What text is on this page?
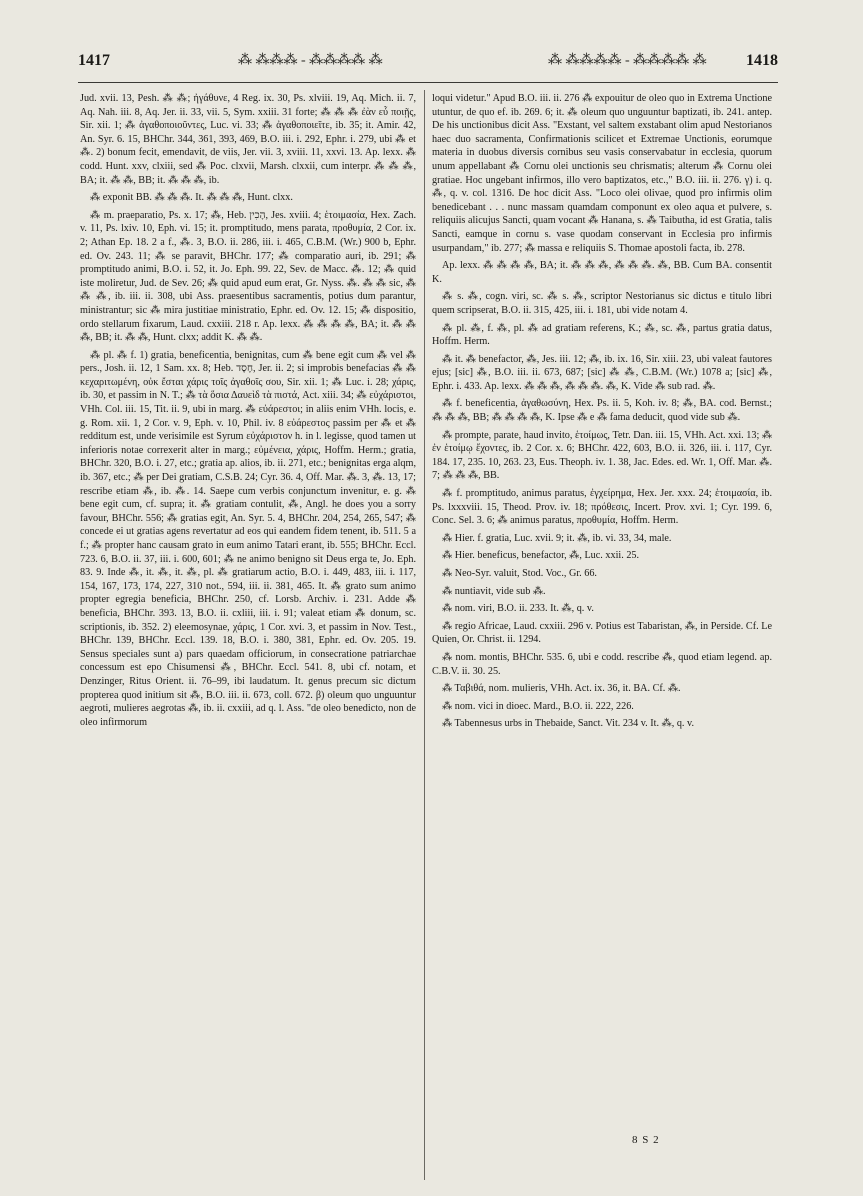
1417	⁂ ⁂⁂⁂ - ⁂⁂⁂⁂ ⁂	⁂ ⁂⁂⁂⁂ - ⁂⁂⁂⁂ ⁂ 1418

Jud. xvii. 13, Pesh. ⁂ ⁂; ἠγάθυνε, 4 Reg. ix. 30, Ps. xlviii. 19, Aq. Mich. ii. 7, Aq. Nah. iii. 8, Aq. Jer. ii. 33, vii. 5, Sym. xxiii. 31 forte; ⁂ ⁂ ⁂ ἐὰν εὖ ποιῇς, Sir. xii. 1; ⁂ ἀγαθοποιοῦντες, Luc. vi. 33; ⁂ ἀγαθοποιεῖτε, ib. 35; it. Amir. 42, An. Syr. 6. 15, BHChr. 344, 361, 393, 469, B.O. iii. i. 292, Ephr. i. 279, ubi ⁂ et ⁂. 2) bonum fecit, emendavit, de viis, Jer. vii. 3, xviii. 11, xxvi. 13. Ap. lexx. ⁂ codd. Hunt. xxv, clxiii, sed ⁂ Poc. clxvii, Marsh. clxxii, cum interpr. ⁂ ⁂ ⁂, BA; it. ⁂ ⁂, BB; it. ⁂ ⁂ ⁂, ib.

⁂ exponit BB. ⁂ ⁂ ⁂. It. ⁂ ⁂ ⁂, Hunt. clxx.

⁂ m. praeparatio, Ps. x. 17; ⁂, Heb. הָכִין, Jes. xviii. 4; ἑτοιμασία, Hex. Zach. v. 11, Ps. lxiv. 10, Eph. vi. 15; it. promptitudo, mens parata, προθυμία, 2 Cor. ix. 2; Athan Ep. 18. 2 a f., ⁂. 3, B.O. ii. 286, iii. i. 465, C.B.M. (Wr.) 900 b, Ephr. ed. Ov. 243. 11; ⁂ se paravit, BHChr. 177; ⁂ comparatio auri, ib. 291; ⁂ promptitudo animi, B.O. i. 52, it. Jo. Eph. 99. 22, Sev. de Macc. ⁂. 12; ⁂ quid iste moliretur, Jud. de Sev. 26; ⁂ quid apud eum erat, Gr. Nyss. ⁂. ⁂ ⁂ sic, ⁂ ⁂ ⁂, ib. iii. ii. 308, ubi Ass. praesentibus sacramentis, potius dum parantur, ministrantur; sic ⁂ mira justitiae ministratio, Ephr. ed. Ov. 12. 15; ⁂ dispositio, ordo stellarum fixarum, Laud. cxxiii. 218 r. Ap. lexx. ⁂ ⁂ ⁂ ⁂, BA; it. ⁂ ⁂ ⁂, BB; it. ⁂ ⁂, Hunt. clxx; addit K. ⁂ ⁂.

⁂ pl. ⁂ f. 1) gratia, beneficentia, benignitas, cum ⁂ bene egit cum ⁂ vel ⁂ pers., Josh. ii. 12, 1 Sam. xx. 8; Heb. חֶסֶד, Jer. ii. 2; si improbis benefacias ⁂ ⁂ κεχαριτωμένη, οὐκ ἔσται χάρις τοῖς ἀγαθοῖς σου, Sir. xii. 1; ⁂ Luc. i. 28; χάρις, ib. 30, et passim in N. T.; ⁂ τὰ ὅσια Δαυεὶδ τὰ πιστά, Act. xiii. 34; ⁂ εὐχάριστοι, VHh. Col. iii. 15, Tit. ii. 9, ubi in marg. ⁂ εὐάρεστοι; in aliis enim VHh. locis, e. g. Rom. xii. 1, 2 Cor. v. 9, Eph. v. 10, Phil. iv. 8 εὐάρεστος passim per ⁂ et ⁂ redditum est, unde verisimile est Syrum εὐχάριστον h. in l. legisse, quod tamen ut inferioris notae correxerit alter in marg.; εὐμένεια, χάρις, Hoffm. Herm.; gratia, BHChr. 320, B.O. i. 27, etc.; gratia ap. alios, ib. ii. 271, etc.; benignitas erga alqm, ib. 367, etc.; ⁂ per Dei gratiam, C.S.B. 24; Cyr. 36. 4, Off. Mar. ⁂. 3, ⁂. 13, 17; rescribe etiam ⁂, ib. ⁂. 14. Saepe cum verbis conjunctum invenitur, e. g. ⁂ bene egit cum, cf. supra; it. ⁂ gratiam contulit, ⁂, Angl. he does you a sorry favour, BHChr. 556; ⁂ gratias egit, An. Syr. 5. 4, BHChr. 204, 254, 265, 547; ⁂ concede ei ut gratias agens revertatur ad eos qui eandem fidem tenent, ib. 511. 5 a f.; ⁂ propter hanc causam grato in eum animo Tatari erant, ib. 555; BHChr. Eccl. 723. 6, B.O. ii. 37, iii. i. 600, 601; ⁂ ne animo benigno sit Deus erga te, Jo. Eph. 83. 9. Inde ⁂, it. ⁂, it. ⁂, pl. ⁂ gratiarum actio, B.O. i. 449, 483, iii. i. 117, 154, 167, 173, 174, 227, 310 not., 594, iii. ii. 381, 465. It. ⁂ grato sum animo propter egregia beneficia, BHChr. 250, cf. Lorsb. Archiv. i. 231. Adde ⁂ beneficia, BHChr. 393. 13, B.O. ii. cxliii, iii. i. 91; valeat etiam ⁂ donum, sc. scriptionis, ib. 352. 2) eleemosynae, χάρις, 1 Cor. xvi. 3, et passim in Nov. Test., BHChr. 139, BHChr. Eccl. 139. 18, B.O. i. 380, 381, Ephr. ed. Ov. 205. 19. Sensus speciales sunt a) pars quaedam officiorum, in consecratione patriarchae concessum est epo Chisumensi ⁂, BHChr. Eccl. 541. 8, ubi cf. notam, et Denzinger, Ritus Orient. ii. 76–99, ibi laudatum. It. genus precum sic dictum propterea quod initium sit ⁂, B.O. iii. ii. 673, coll. 672. β) oleum quo unguuntur aegroti, mulieres aegrotas ⁂, ib. ii. cxxiii, ad q. l. Ass. "de oleo benedicto, non de oleo infirmorum

loqui videtur." Apud B.O. iii. ii. 276 ⁂ expouitur de oleo quo in Extrema Unctione utuntur, de quo ef. ib. 269. 6; it. ⁂ oleum quo unguuntur baptizati, ib. 241. antep. De his unctionibus dicit Ass. "Exstant, vel saltem exstabant olim apud Nestorianos haec duo sacramenta, Confirmationis scilicet et Extremae Unctionis, eorumque materia in duobus diversis cornibus seu vasis conservabatur in ecclesia, quorum unum appellabant ⁂ Cornu olei unctionis seu chrismatis; alterum ⁂ Cornu olei gratiae. Hoc ungebant infirmos, illo vero baptizatos, etc.," B.O. iii. ii. 276. γ) i. q. ⁂, q. v. col. 1316. De hoc dicit Ass. "Loco olei olivae, quod pro infirmis olim benedicebant . . . nunc massam quamdam componunt ex oleo aqua et pulvere, s. reliquiis alicujus Sancti, quam vocant ⁂ Hanana, s. ⁂ Taibutha, id est Gratia, talis Sancti, eamque in cornu s. vase quodam conservant in Ecclesia pro infirmis usurpandam," ib. 277; ⁂ massa e reliquiis S. Thomae apostoli facta, ib. 278.

Ap. lexx. ⁂ ⁂ ⁂ ⁂, BA; it. ⁂ ⁂ ⁂, ⁂ ⁂ ⁂. ⁂, BB. Cum BA. consentit K.

⁂ s. ⁂, cogn. viri, sc. ⁂ s. ⁂, scriptor Nestorianus sic dictus e titulo libri quem scripserat, B.O. ii. 315, 425, iii. i. 181, ubi vide notam 4.

⁂ pl. ⁂, f. ⁂, pl. ⁂ ad gratiam referens, K.; ⁂, sc. ⁂, partus gratia datus, Hoffm. Herm.

⁂ it. ⁂ benefactor, ⁂, Jes. iii. 12; ⁂, ib. ix. 16, Sir. xiii. 23, ubi valeat fautores ejus; [sic] ⁂, B.O. iii. ii. 673, 687; [sic] ⁂ ⁂, C.B.M. (Wr.) 1078 a; [sic] ⁂, Ephr. i. 433. Ap. lexx. ⁂ ⁂ ⁂, ⁂ ⁂ ⁂. ⁂, K. Vide ⁂ sub rad. ⁂.

⁂ f. beneficentia, ἀγαθωσύνη, Hex. Ps. ii. 5, Koh. iv. 8; ⁂, BA. cod. Bernst.; ⁂ ⁂ ⁂, BB; ⁂ ⁂ ⁂ ⁂, K. Ipse ⁂ e ⁂ fama deducit, quod vide sub ⁂.

⁂ prompte, parate, haud invito, ἑτοίμως, Tetr. Dan. iii. 15, VHh. Act. xxi. 13; ⁂ ἐν ἑτοίμῳ ἔχοντες, ib. 2 Cor. x. 6; BHChr. 422, 603, B.O. ii. 326, iii. i. 117, Cyr. 184. 17, 235. 10, 263. 23, Eus. Theoph. iv. 1. 38, Jac. Edes. ed. Wr. 1, Off. Mar. ⁂. 7; ⁂ ⁂ ⁂, BB.

⁂ f. promptitudo, animus paratus, ἐγχείρημα, Hex. Jer. xxx. 24; ἑτοιμασία, ib. Ps. lxxxviii. 15, Theod. Prov. iv. 18; πρόθεσις, Incert. Prov. xvi. 1; Cyr. 199. 6, Conc. Sel. 3. 6; ⁂ animus paratus, προθυμία, Hoffm. Herm.

⁂ Hier. f. gratia, Luc. xvii. 9; it. ⁂, ib. vi. 33, 34, male.

⁂ Hier. beneficus, benefactor, ⁂, Luc. xxii. 25.

⁂ Neo-Syr. valuit, Stod. Voc., Gr. 66.

⁂ nuntiavit, vide sub ⁂.

⁂ nom. viri, B.O. ii. 233. It. ⁂, q. v.

⁂ regio Africae, Laud. cxxiii. 296 v. Potius est Tabaristan, ⁂, in Perside. Cf. Le Quien, Or. Christ. ii. 1294.

⁂ nom. montis, BHChr. 535. 6, ubi e codd. rescribe ⁂, quod etiam legend. ap. C.B.V. ii. 30. 25.

⁂ Ταβιθά, nom. mulieris, VHh. Act. ix. 36, it. BA. Cf. ⁂.

⁂ nom. vici in dioec. Mard., B.O. ii. 222, 226.

⁂ Tabennesus urbs in Thebaide, Sanct. Vit. 234 v. It. ⁂, q. v.

8 S 2
